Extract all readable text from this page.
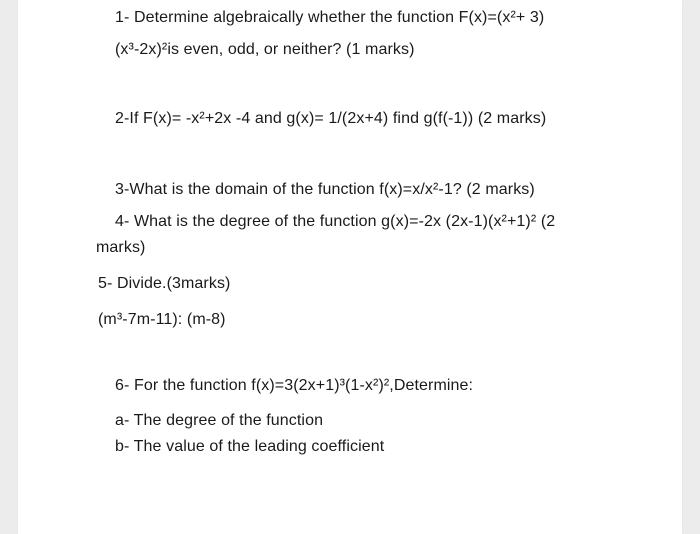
1- Determine algebraically whether the function F(x)=(x²+ 3)
(x³-2x)²is even, odd, or neither? (1 marks)
2-If F(x)= -x²+2x -4 and g(x)= 1/(2x+4) find g(f(-1)) (2 marks)
3-What is the domain of the function f(x)=x/x²-1? (2 marks)
4- What is the degree of the function g(x)=-2x (2x-1)(x²+1)² (2
marks)
5- Divide.(3marks)
(m³-7m-11): (m-8)
6- For the function f(x)=3(2x+1)³(1-x²)²,Determine:
a- The degree of the function
b- The value of the leading coefficient
